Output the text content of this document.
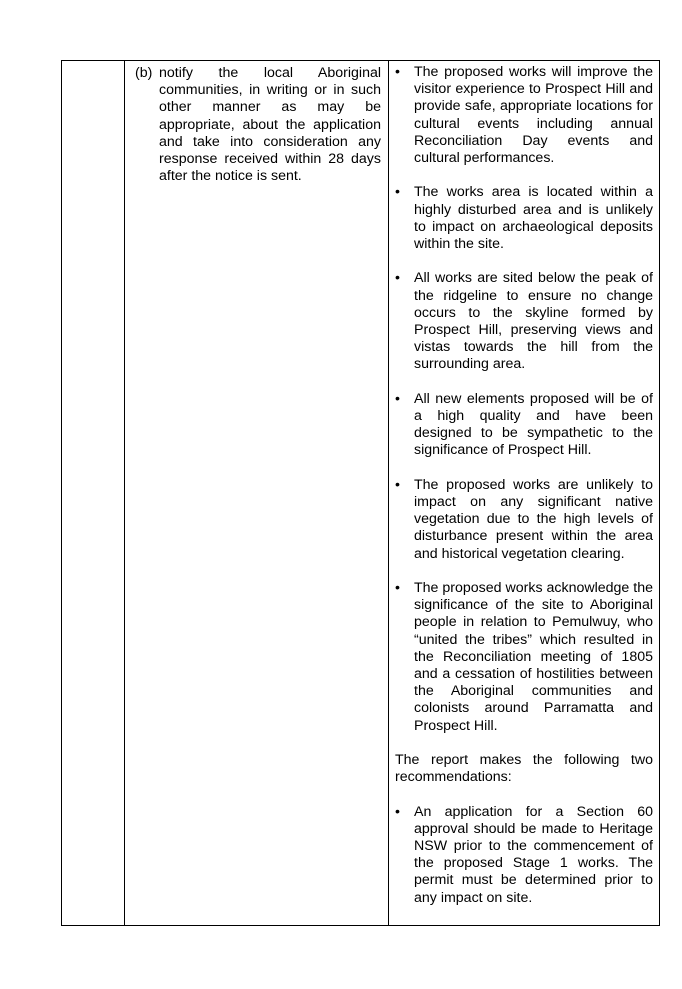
(b) notify the local Aboriginal communities, in writing or in such other manner as may be appropriate, about the application and take into consideration any response received within 28 days after the notice is sent.
• The proposed works will improve the visitor experience to Prospect Hill and provide safe, appropriate locations for cultural events including annual Reconciliation Day events and cultural performances.
• The works area is located within a highly disturbed area and is unlikely to impact on archaeological deposits within the site.
• All works are sited below the peak of the ridgeline to ensure no change occurs to the skyline formed by Prospect Hill, preserving views and vistas towards the hill from the surrounding area.
• All new elements proposed will be of a high quality and have been designed to be sympathetic to the significance of Prospect Hill.
• The proposed works are unlikely to impact on any significant native vegetation due to the high levels of disturbance present within the area and historical vegetation clearing.
• The proposed works acknowledge the significance of the site to Aboriginal people in relation to Pemulwuy, who “united the tribes” which resulted in the Reconciliation meeting of 1805 and a cessation of hostilities between the Aboriginal communities and colonists around Parramatta and Prospect Hill.
The report makes the following two recommendations:
• An application for a Section 60 approval should be made to Heritage NSW prior to the commencement of the proposed Stage 1 works. The permit must be determined prior to any impact on site.
